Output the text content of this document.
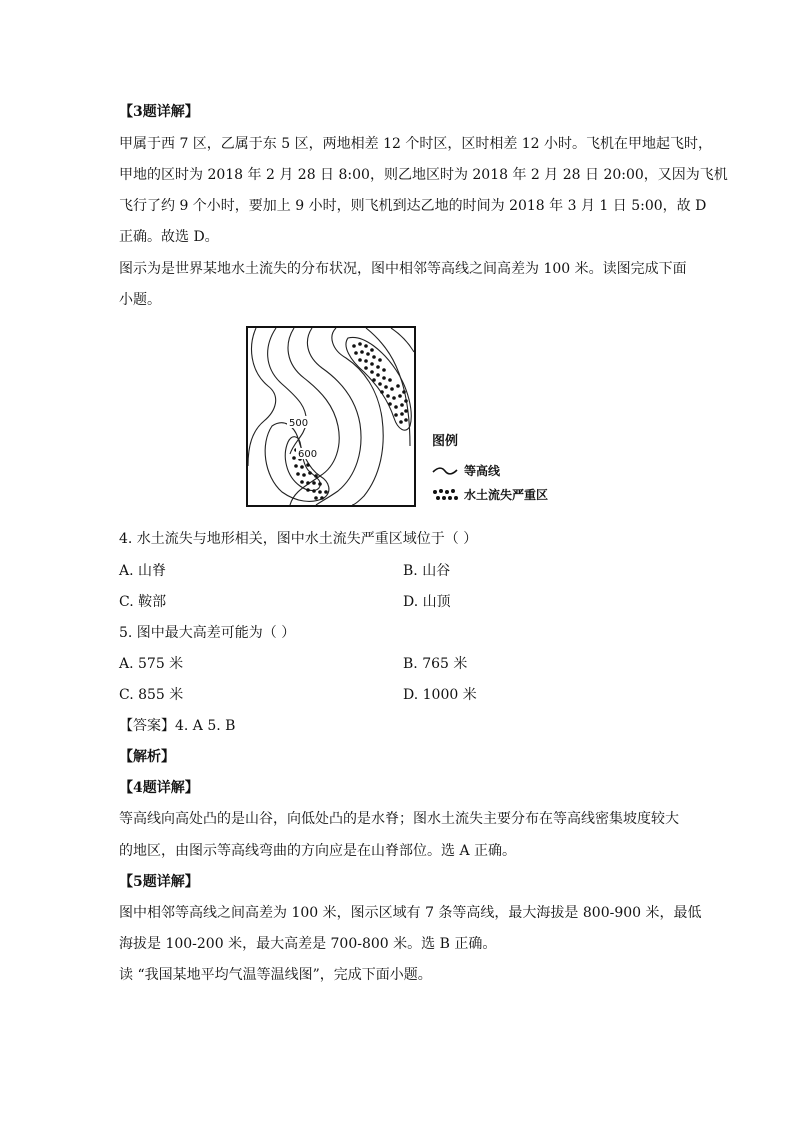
【3题详解】
甲属于西 7 区，乙属于东 5 区，两地相差 12 个时区，区时相差 12 小时。飞机在甲地起飞时，
甲地的区时为 2018 年 2 月 28 日 8:00，则乙地区时为 2018 年 2 月 28 日 20:00，又因为飞机
飞行了约 9 个小时，要加上 9 小时，则飞机到达乙地的时间为 2018 年 3 月 1 日 5:00，故 D
正确。故选 D。
图示为是世界某地水土流失的分布状况，图中相邻等高线之间高差为 100 米。读图完成下面
小题。
500
600
图例
等高线
水土流失严重区
4. 水土流失与地形相关，图中水土流失严重区域位于（ ）
A. 山脊	B. 山谷
C. 鞍部	D. 山顶
5. 图中最大高差可能为（ ）
A. 575 米	B. 765 米
C. 855 米	D. 1000 米
【答案】4. A 5. B
【解析】
【4题详解】
等高线向高处凸的是山谷，向低处凸的是水脊；图水土流失主要分布在等高线密集坡度较大
的地区，由图示等高线弯曲的方向应是在山脊部位。选 A 正确。
【5题详解】
图中相邻等高线之间高差为 100 米，图示区域有 7 条等高线，最大海拔是 800-900 米，最低
海拔是 100-200 米，最大高差是 700-800 米。选 B 正确。
读 “我国某地平均气温等温线图”，完成下面小题。
